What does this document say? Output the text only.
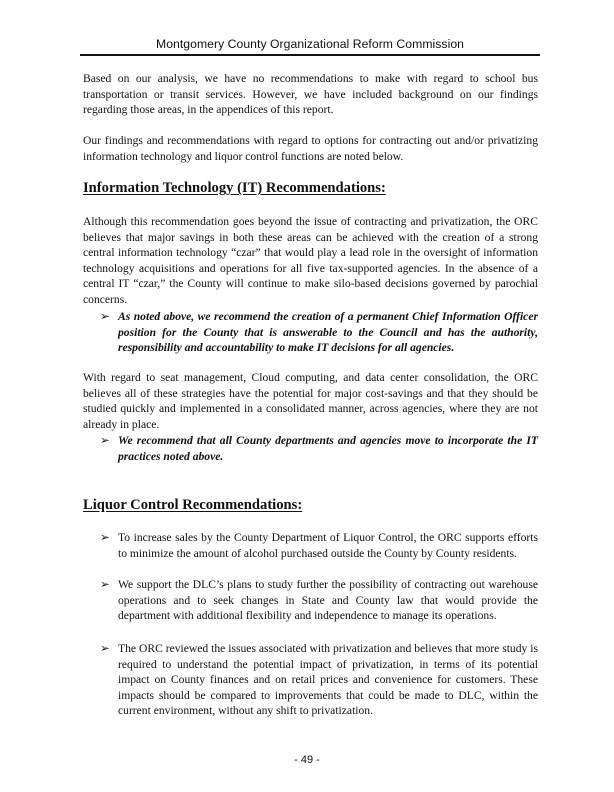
Montgomery County Organizational Reform Commission
Based on our analysis, we have no recommendations to make with regard to school bus transportation or transit services. However, we have included background on our findings regarding those areas, in the appendices of this report.
Our findings and recommendations with regard to options for contracting out and/or privatizing information technology and liquor control functions are noted below.
Information Technology (IT) Recommendations:
Although this recommendation goes beyond the issue of contracting and privatization, the ORC believes that major savings in both these areas can be achieved with the creation of a strong central information technology “czar” that would play a lead role in the oversight of information technology acquisitions and operations for all five tax-supported agencies. In the absence of a central IT “czar,” the County will continue to make silo-based decisions governed by parochial concerns.
➢ As noted above, we recommend the creation of a permanent Chief Information Officer position for the County that is answerable to the Council and has the authority, responsibility and accountability to make IT decisions for all agencies.
With regard to seat management, Cloud computing, and data center consolidation, the ORC believes all of these strategies have the potential for major cost-savings and that they should be studied quickly and implemented in a consolidated manner, across agencies, where they are not already in place.
➢ We recommend that all County departments and agencies move to incorporate the IT practices noted above.
Liquor Control Recommendations:
➢ To increase sales by the County Department of Liquor Control, the ORC supports efforts to minimize the amount of alcohol purchased outside the County by County residents.
➢ We support the DLC’s plans to study further the possibility of contracting out warehouse operations and to seek changes in State and County law that would provide the department with additional flexibility and independence to manage its operations.
➢ The ORC reviewed the issues associated with privatization and believes that more study is required to understand the potential impact of privatization, in terms of its potential impact on County finances and on retail prices and convenience for customers. These impacts should be compared to improvements that could be made to DLC, within the current environment, without any shift to privatization.
- 49 -
